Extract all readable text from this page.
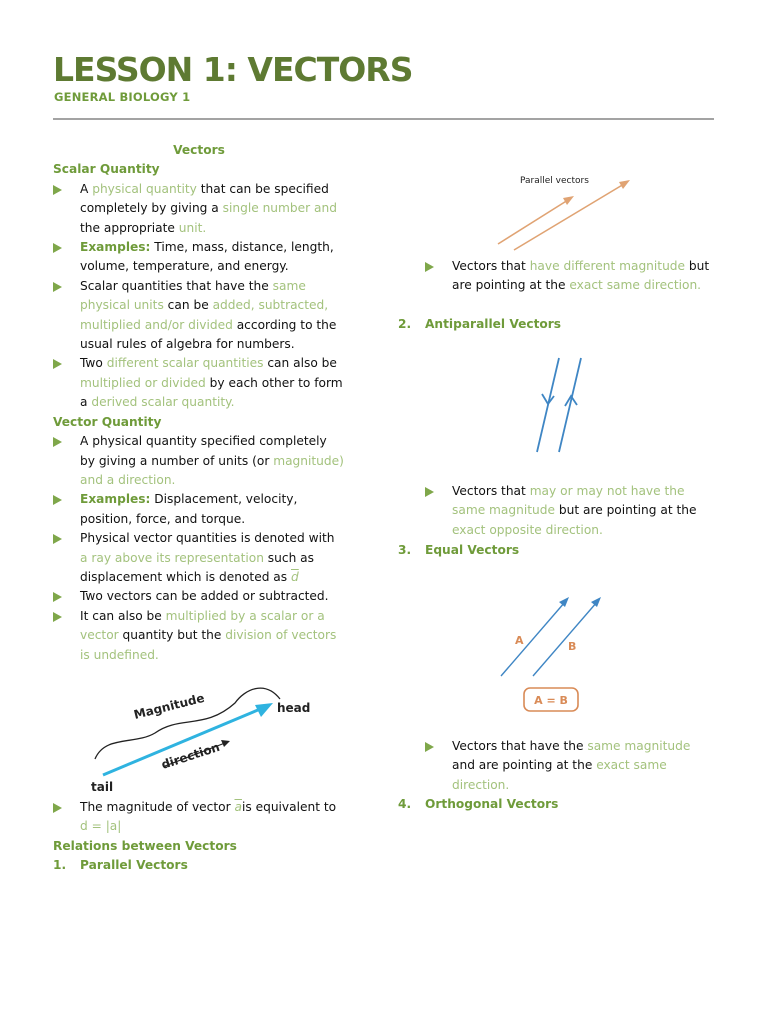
LESSON 1: VECTORS
GENERAL BIOLOGY 1
Vectors
Scalar Quantity
A physical quantity that can be specified completely by giving a single number and the appropriate unit.
Examples: Time, mass, distance, length, volume, temperature, and energy.
Scalar quantities that have the same physical units can be added, subtracted, multiplied and/or divided according to the usual rules of algebra for numbers.
Two different scalar quantities can also be multiplied or divided by each other to form a derived scalar quantity.
Vector Quantity
A physical quantity specified completely by giving a number of units (or magnitude) and a direction.
Examples: Displacement, velocity, position, force, and torque.
Physical vector quantities is denoted with a ray above its representation such as displacement which is denoted as $\overline{d}$
Two vectors can be added or subtracted.
It can also be multiplied by a scalar or a vector quantity but the division of vectors is undefined.
Magnitude	head
direction
tail
The magnitude of vector $\overline{a}is$ equivalent to d = |a|
Relations between Vectors
1. Parallel Vectors
Parallel vectors
Vectors that have different magnitude but are pointing at the exact same direction.
2. Antiparallel Vectors
Vectors that may or may not have the same magnitude but are pointing at the exact opposite direction.
3. Equal Vectors
A	B
A = B
Vectors that have the same magnitude and are pointing at the exact same direction.
4. Orthogonal Vectors
